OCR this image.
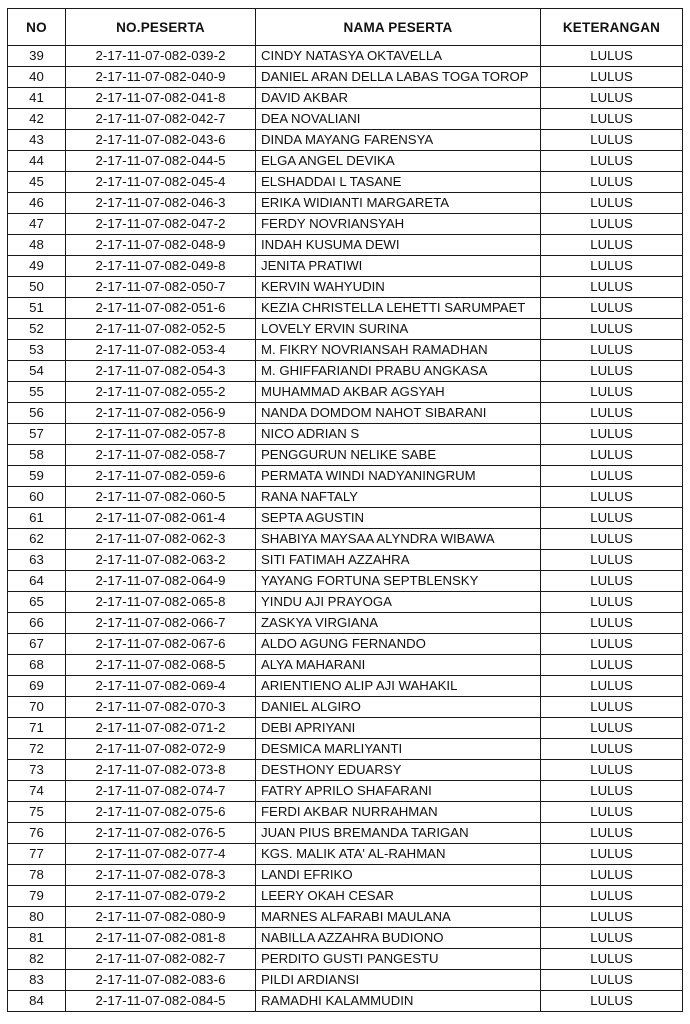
NO	NO.PESERTA	NAMA PESERTA	KETERANGAN
39	2-17-11-07-082-039-2	CINDY NATASYA OKTAVELLA	LULUS
40	2-17-11-07-082-040-9	DANIEL ARAN DELLA LABAS TOGA TOROP	LULUS
41	2-17-11-07-082-041-8	DAVID AKBAR	LULUS
42	2-17-11-07-082-042-7	DEA NOVALIANI	LULUS
43	2-17-11-07-082-043-6	DINDA MAYANG FARENSYA	LULUS
44	2-17-11-07-082-044-5	ELGA ANGEL DEVIKA	LULUS
45	2-17-11-07-082-045-4	ELSHADDAI L TASANE	LULUS
46	2-17-11-07-082-046-3	ERIKA WIDIANTI MARGARETA	LULUS
47	2-17-11-07-082-047-2	FERDY NOVRIANSYAH	LULUS
48	2-17-11-07-082-048-9	INDAH KUSUMA DEWI	LULUS
49	2-17-11-07-082-049-8	JENITA PRATIWI	LULUS
50	2-17-11-07-082-050-7	KERVIN WAHYUDIN	LULUS
51	2-17-11-07-082-051-6	KEZIA CHRISTELLA LEHETTI SARUMPAET	LULUS
52	2-17-11-07-082-052-5	LOVELY ERVIN SURINA	LULUS
53	2-17-11-07-082-053-4	M. FIKRY NOVRIANSAH RAMADHAN	LULUS
54	2-17-11-07-082-054-3	M. GHIFFARIANDI PRABU ANGKASA	LULUS
55	2-17-11-07-082-055-2	MUHAMMAD AKBAR AGSYAH	LULUS
56	2-17-11-07-082-056-9	NANDA DOMDOM NAHOT SIBARANI	LULUS
57	2-17-11-07-082-057-8	NICO ADRIAN S	LULUS
58	2-17-11-07-082-058-7	PENGGURUN NELIKE SABE	LULUS
59	2-17-11-07-082-059-6	PERMATA WINDI NADYANINGRUM	LULUS
60	2-17-11-07-082-060-5	RANA NAFTALY	LULUS
61	2-17-11-07-082-061-4	SEPTA AGUSTIN	LULUS
62	2-17-11-07-082-062-3	SHABIYA MAYSAA ALYNDRA WIBAWA	LULUS
63	2-17-11-07-082-063-2	SITI FATIMAH AZZAHRA	LULUS
64	2-17-11-07-082-064-9	YAYANG FORTUNA SEPTBLENSKY	LULUS
65	2-17-11-07-082-065-8	YINDU AJI PRAYOGA	LULUS
66	2-17-11-07-082-066-7	ZASKYA VIRGIANA	LULUS
67	2-17-11-07-082-067-6	ALDO AGUNG FERNANDO	LULUS
68	2-17-11-07-082-068-5	ALYA MAHARANI	LULUS
69	2-17-11-07-082-069-4	ARIENTIENO ALIP AJI WAHAKIL	LULUS
70	2-17-11-07-082-070-3	DANIEL ALGIRO	LULUS
71	2-17-11-07-082-071-2	DEBI APRIYANI	LULUS
72	2-17-11-07-082-072-9	DESMICA MARLIYANTI	LULUS
73	2-17-11-07-082-073-8	DESTHONY EDUARSY	LULUS
74	2-17-11-07-082-074-7	FATRY APRILO SHAFARANI	LULUS
75	2-17-11-07-082-075-6	FERDI AKBAR NURRAHMAN	LULUS
76	2-17-11-07-082-076-5	JUAN PIUS BREMANDA TARIGAN	LULUS
77	2-17-11-07-082-077-4	KGS. MALIK ATA' AL-RAHMAN	LULUS
78	2-17-11-07-082-078-3	LANDI EFRIKO	LULUS
79	2-17-11-07-082-079-2	LEERY OKAH CESAR	LULUS
80	2-17-11-07-082-080-9	MARNES ALFARABI MAULANA	LULUS
81	2-17-11-07-082-081-8	NABILLA AZZAHRA BUDIONO	LULUS
82	2-17-11-07-082-082-7	PERDITO GUSTI PANGESTU	LULUS
83	2-17-11-07-082-083-6	PILDI ARDIANSI	LULUS
84	2-17-11-07-082-084-5	RAMADHI KALAMMUDIN	LULUS
